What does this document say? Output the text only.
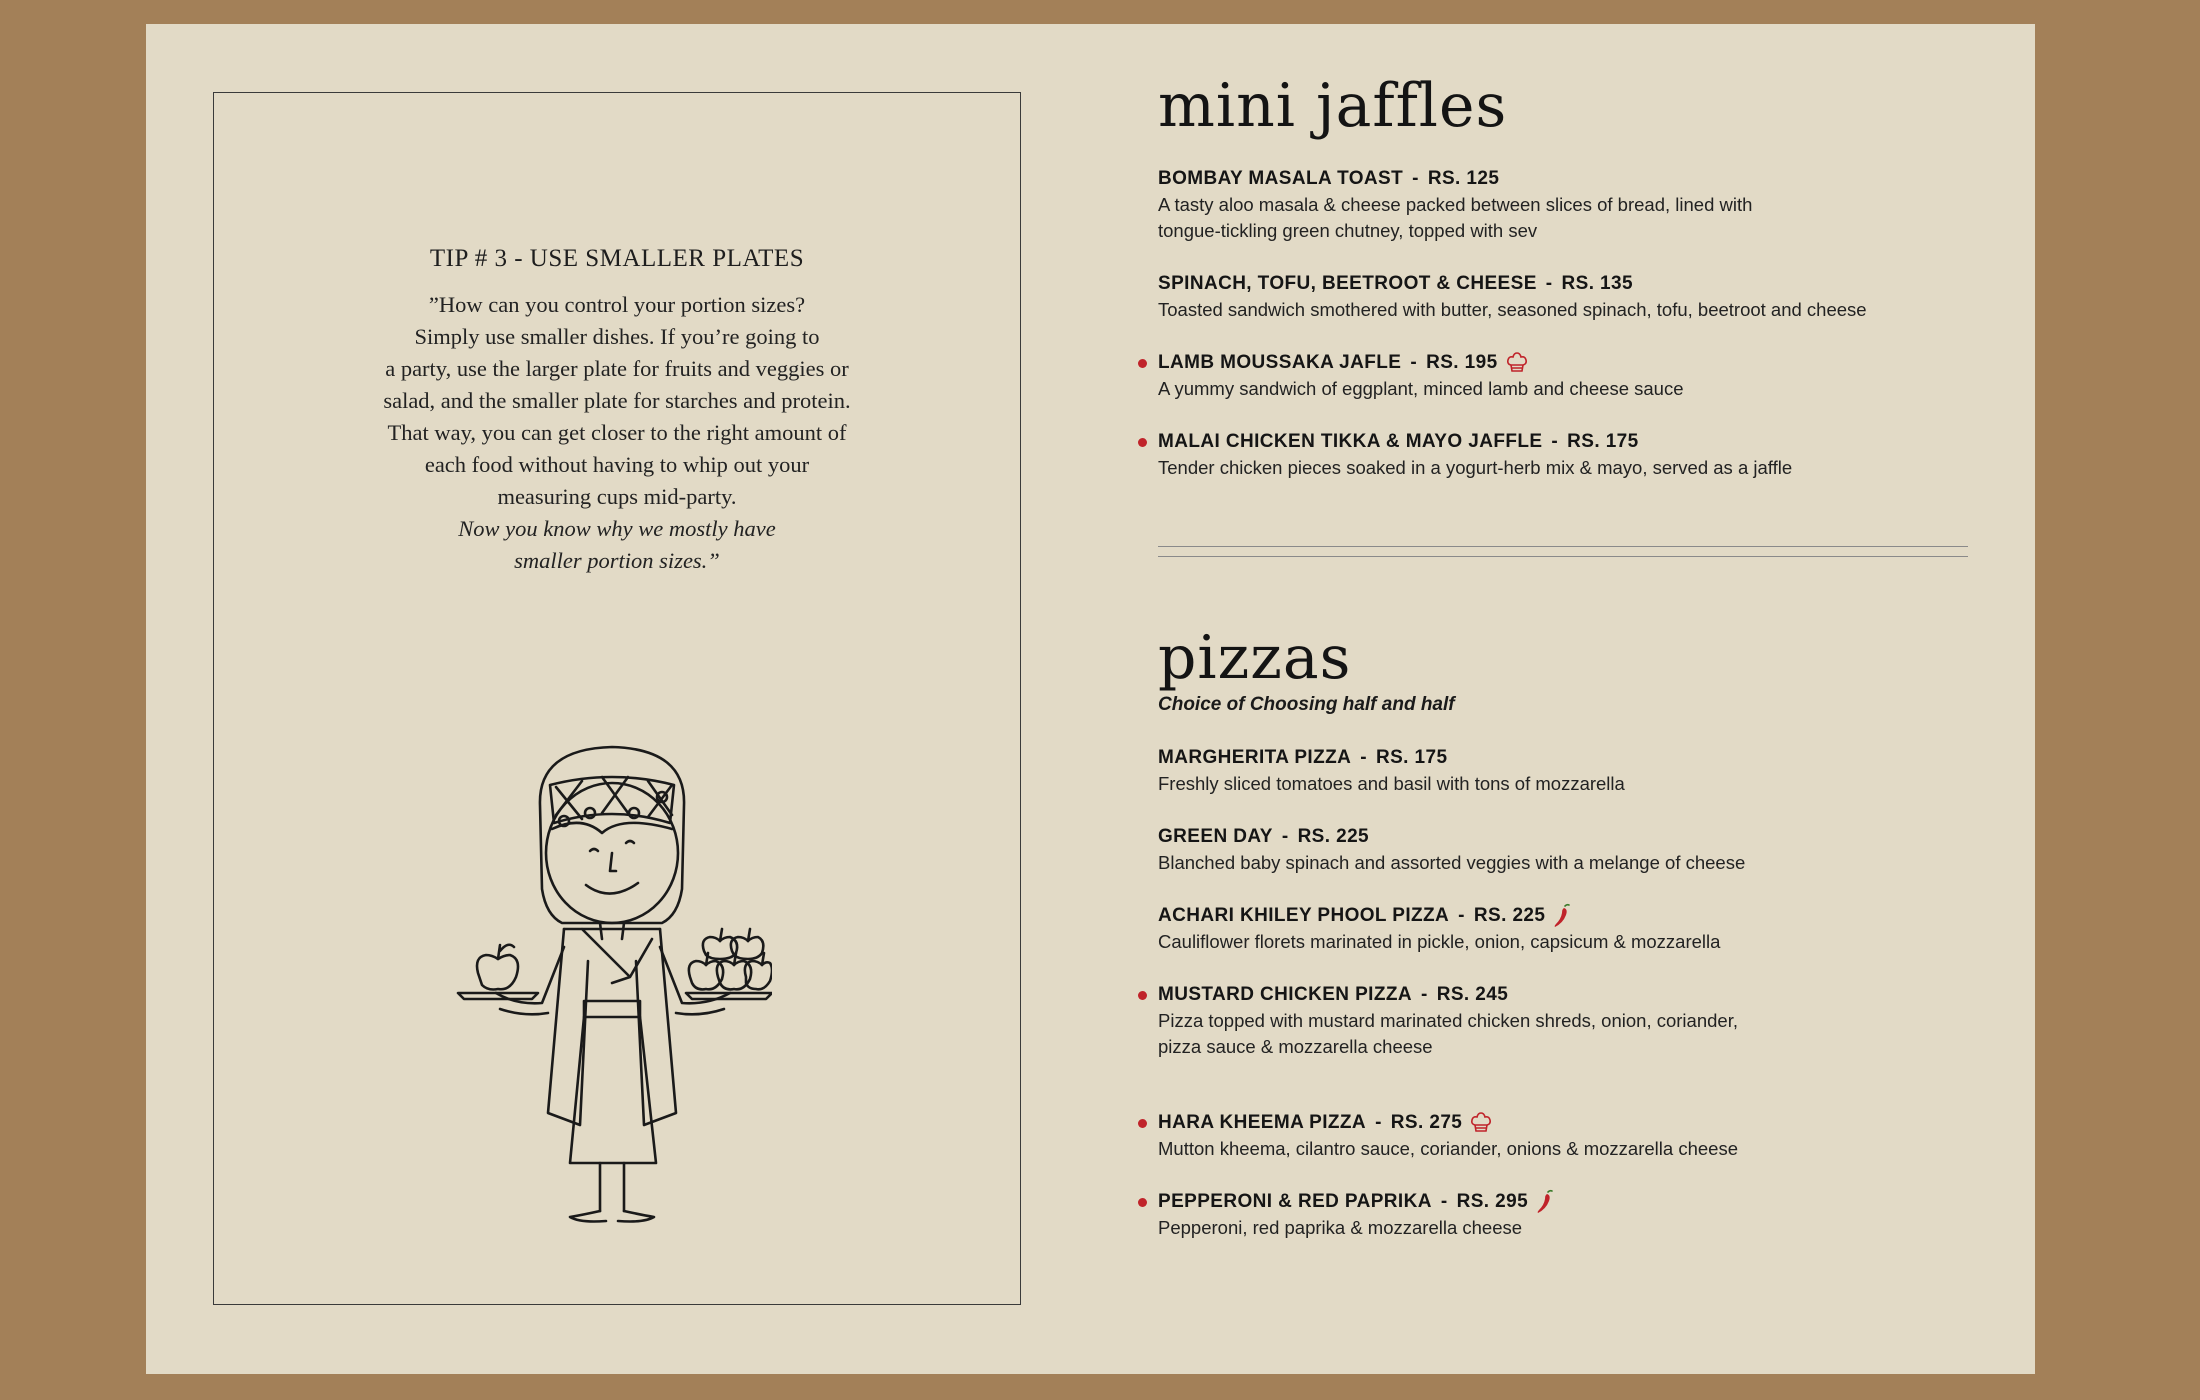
TIP # 3 - USE SMALLER PLATES

”How can you control your portion sizes?

Simply use smaller dishes. If you’re going to

a party, use the larger plate for fruits and veggies or

salad, and the smaller plate for starches and protein.

That way, you can get closer to the right amount of

each food without having to whip out your

measuring cups mid-party.

Now you know why we mostly have

smaller portion sizes.”

mini jaffles
BOMBAY MASALA TOAST - RS. 125
A tasty aloo masala & cheese packed between slices of bread, lined with
tongue-tickling green chutney, topped with sev
SPINACH, TOFU, BEETROOT & CHEESE - RS. 135
Toasted sandwich smothered with butter, seasoned spinach, tofu, beetroot and cheese
LAMB MOUSSAKA JAFLE - RS. 195
A yummy sandwich of eggplant, minced lamb and cheese sauce
MALAI CHICKEN TIKKA & MAYO JAFFLE - RS. 175
Tender chicken pieces soaked in a yogurt-herb mix & mayo, served as a jaffle
pizzas
Choice of Choosing half and half
MARGHERITA PIZZA - RS. 175
Freshly sliced tomatoes and basil with tons of mozzarella
GREEN DAY - RS. 225
Blanched baby spinach and assorted veggies with a melange of cheese
ACHARI KHILEY PHOOL PIZZA - RS. 225
Cauliflower florets marinated in pickle, onion, capsicum & mozzarella
MUSTARD CHICKEN PIZZA - RS. 245
Pizza topped with mustard marinated chicken shreds, onion, coriander,
pizza sauce & mozzarella cheese
HARA KHEEMA PIZZA - RS. 275
Mutton kheema, cilantro sauce, coriander, onions & mozzarella cheese
PEPPERONI & RED PAPRIKA - RS. 295
Pepperoni, red paprika & mozzarella cheese
